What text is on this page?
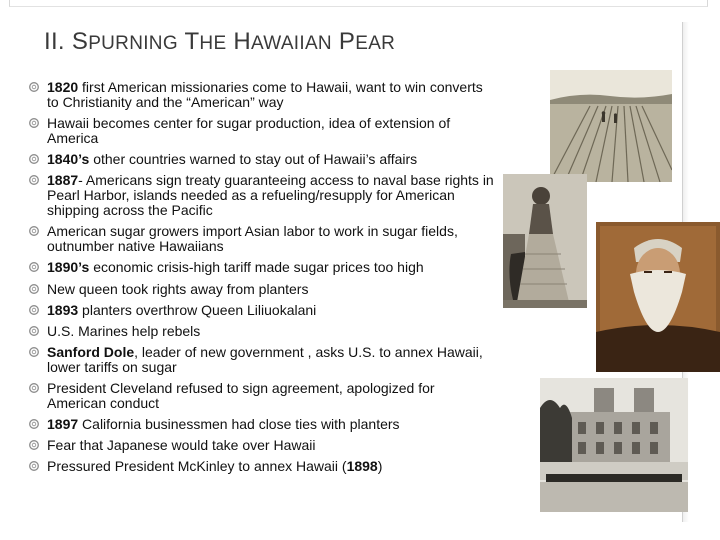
II. SPURNING THE HAWAIIAN PEAR
1820 first American missionaries come to Hawaii, want to win converts to Christianity and the “American” way
Hawaii becomes center for sugar production, idea of extension of America
1840’s other countries warned to stay out of Hawaii’s affairs
1887- Americans sign treaty guaranteeing access to naval base rights in Pearl Harbor, islands needed as a refueling/resupply for American shipping across the Pacific
American sugar growers import Asian labor to work in sugar fields, outnumber native Hawaiians
1890’s economic crisis-high tariff made sugar prices too high
New queen took rights away from planters
1893 planters overthrow Queen Liliuokalani
U.S. Marines help rebels
Sanford Dole, leader of new government , asks U.S. to annex Hawaii, lower tariffs on sugar
President Cleveland refused to sign agreement, apologized for American conduct
1897 California businessmen had close ties with planters
Fear that Japanese would take over Hawaii
Pressured President McKinley to annex Hawaii (1898)
